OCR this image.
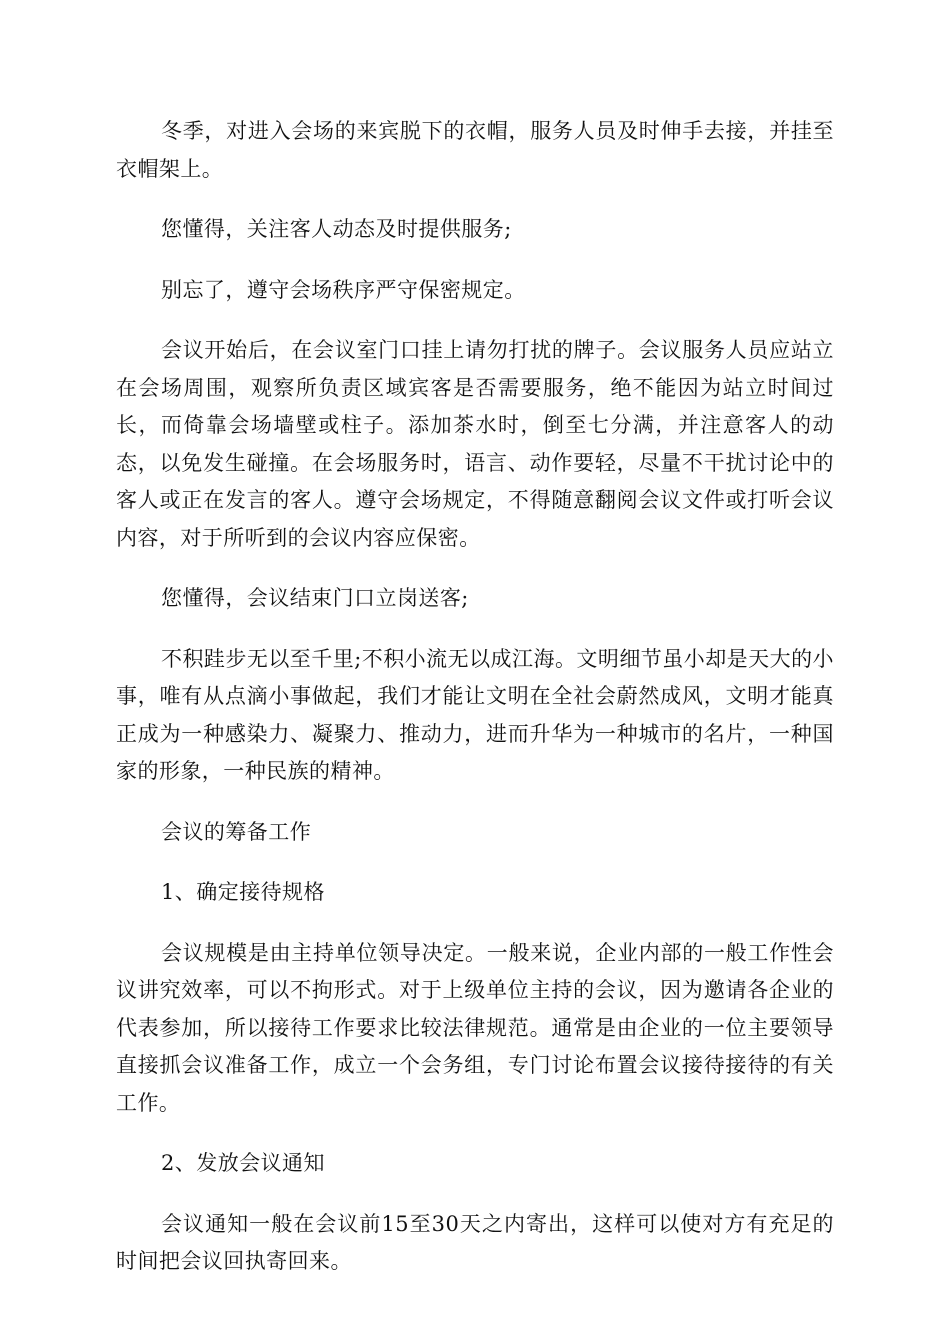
冬季，对进入会场的来宾脱下的衣帽，服务人员及时伸手去接，并挂至衣帽架上。

您懂得，关注客人动态及时提供服务;

别忘了，遵守会场秩序严守保密规定。

会议开始后，在会议室门口挂上请勿打扰的牌子。会议服务人员应站立在会场周围，观察所负责区域宾客是否需要服务，绝不能因为站立时间过长，而倚靠会场墙壁或柱子。添加茶水时，倒至七分满，并注意客人的动态，以免发生碰撞。在会场服务时，语言、动作要轻，尽量不干扰讨论中的客人或正在发言的客人。遵守会场规定，不得随意翻阅会议文件或打听会议内容，对于所听到的会议内容应保密。

您懂得，会议结束门口立岗送客;

不积跬步无以至千里;不积小流无以成江海。文明细节虽小却是天大的小事，唯有从点滴小事做起，我们才能让文明在全社会蔚然成风，文明才能真正成为一种感染力、凝聚力、推动力，进而升华为一种城市的名片，一种国家的形象，一种民族的精神。

会议的筹备工作

1、确定接待规格

会议规模是由主持单位领导决定。一般来说，企业内部的一般工作性会议讲究效率，可以不拘形式。对于上级单位主持的会议，因为邀请各企业的代表参加，所以接待工作要求比较法律规范。通常是由企业的一位主要领导直接抓会议准备工作，成立一个会务组，专门讨论布置会议接待接待的有关工作。

2、发放会议通知

会议通知一般在会议前15至30天之内寄出，这样可以使对方有充足的时间把会议回执寄回来。
